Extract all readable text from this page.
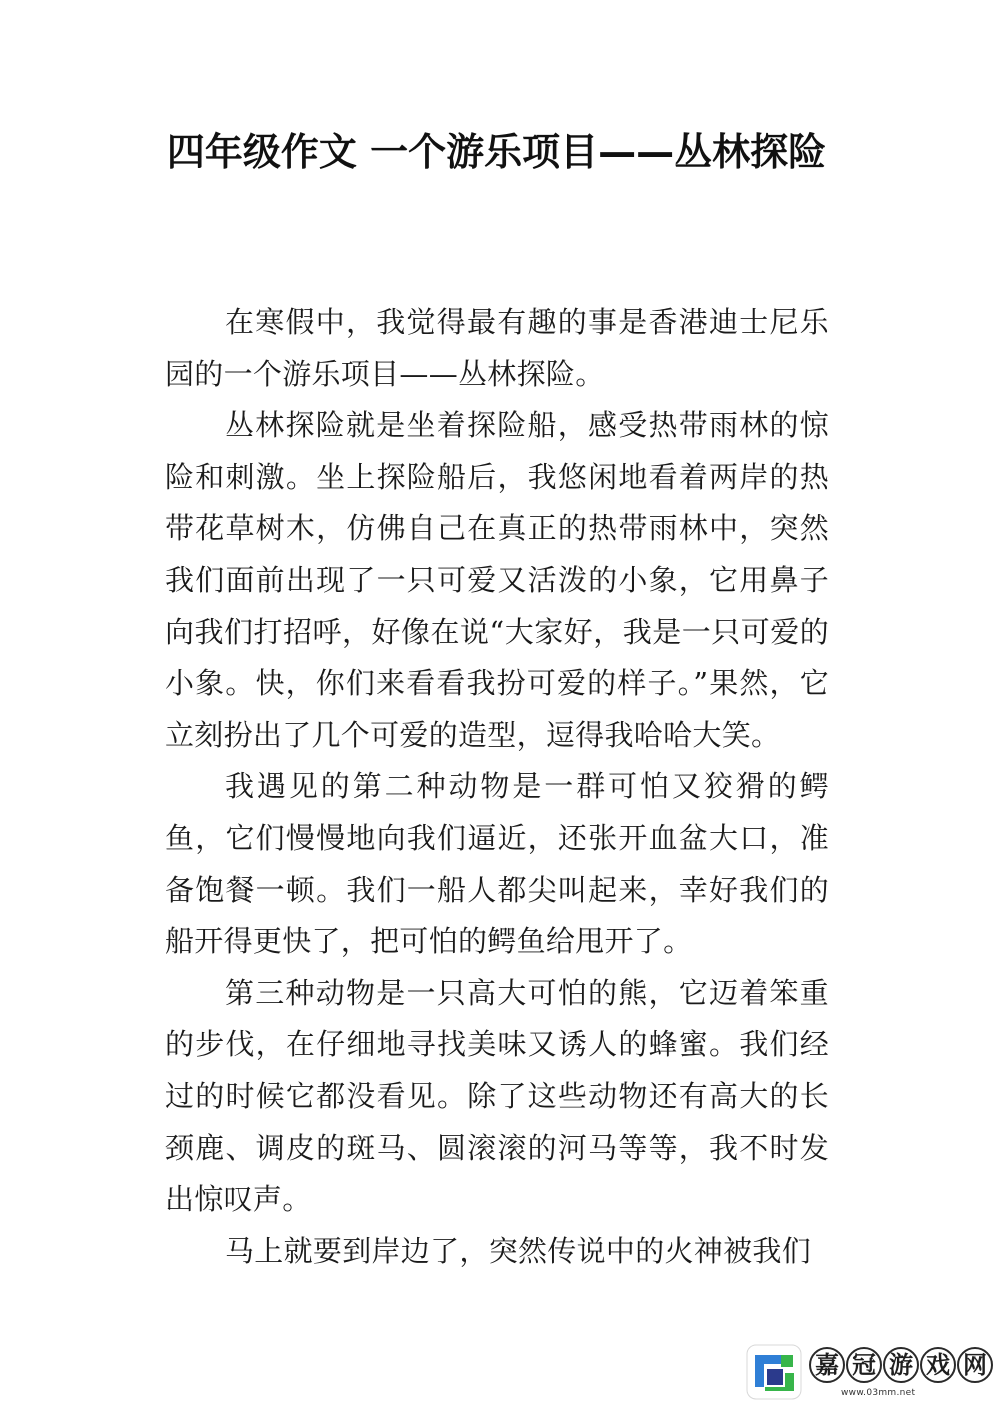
四年级作文 一个游乐项目——丛林探险

在寒假中，我觉得最有趣的事是香港迪士尼乐园的一个游乐项目——丛林探险。

丛林探险就是坐着探险船，感受热带雨林的惊险和刺激。坐上探险船后，我悠闲地看着两岸的热带花草树木，仿佛自己在真正的热带雨林中，突然我们面前出现了一只可爱又活泼的小象，它用鼻子向我们打招呼，好像在说“大家好，我是一只可爱的小象。快，你们来看看我扮可爱的样子。”果然，它立刻扮出了几个可爱的造型，逗得我哈哈大笑。

我遇见的第二种动物是一群可怕又狡猾的鳄鱼，它们慢慢地向我们逼近，还张开血盆大口，准备饱餐一顿。我们一船人都尖叫起来，幸好我们的船开得更快了，把可怕的鳄鱼给甩开了。

第三种动物是一只高大可怕的熊，它迈着笨重的步伐，在仔细地寻找美味又诱人的蜂蜜。我们经过的时候它都没看见。除了这些动物还有高大的长颈鹿、调皮的斑马、圆滚滚的河马等等，我不时发出惊叹声。

马上就要到岸边了，突然传说中的火神被我们

嘉 冠 游 戏 网
www.03mm.net
